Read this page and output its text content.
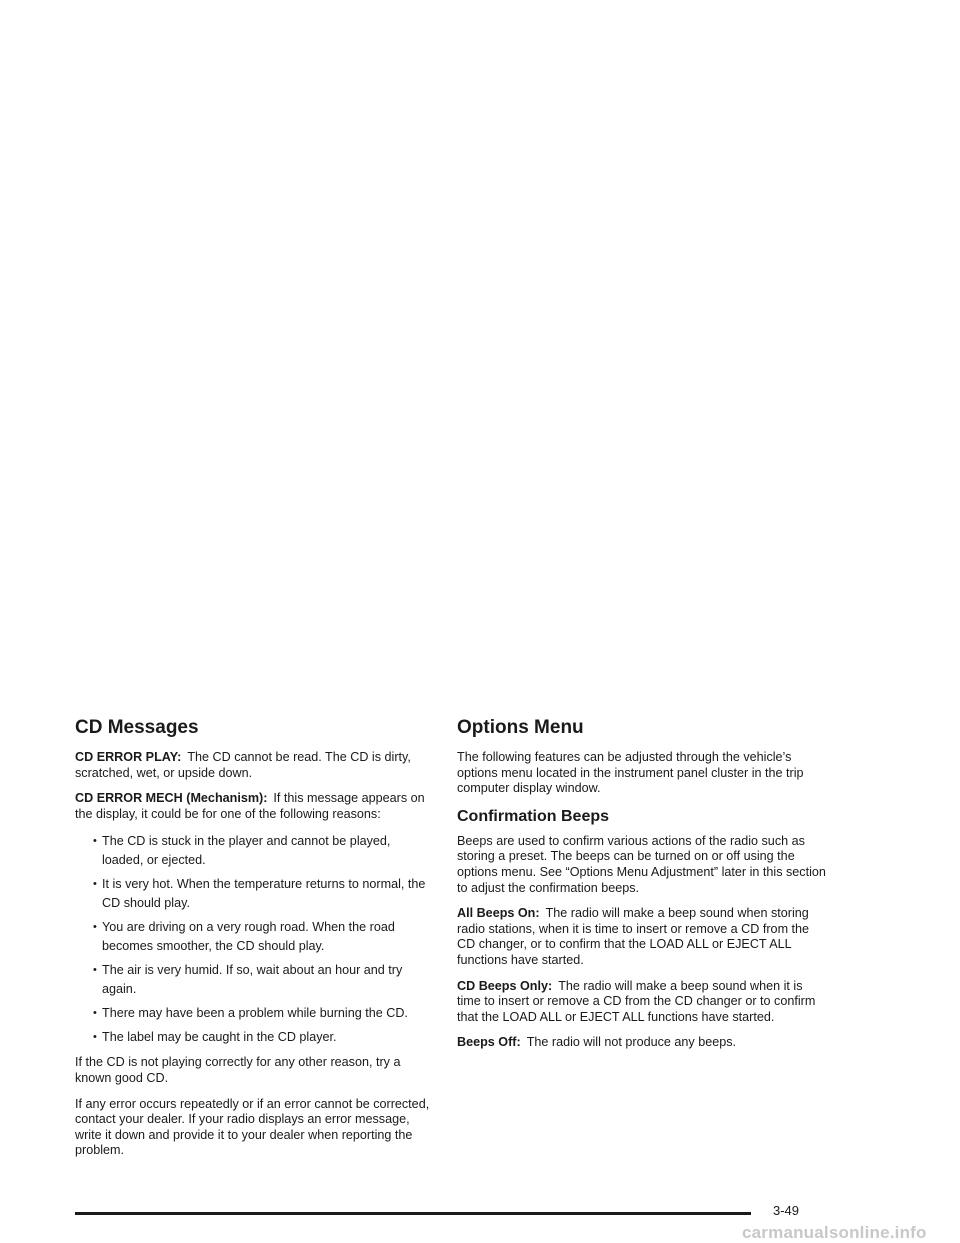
CD Messages

CD ERROR PLAY: The CD cannot be read. The CD is dirty, scratched, wet, or upside down.

CD ERROR MECH (Mechanism): If this message appears on the display, it could be for one of the following reasons:

• The CD is stuck in the player and cannot be played, loaded, or ejected.
• It is very hot. When the temperature returns to normal, the CD should play.
• You are driving on a very rough road. When the road becomes smoother, the CD should play.
• The air is very humid. If so, wait about an hour and try again.
• There may have been a problem while burning the CD.
• The label may be caught in the CD player.

If the CD is not playing correctly for any other reason, try a known good CD.

If any error occurs repeatedly or if an error cannot be corrected, contact your dealer. If your radio displays an error message, write it down and provide it to your dealer when reporting the problem.

Options Menu

The following features can be adjusted through the vehicle’s options menu located in the instrument panel cluster in the trip computer display window.

Confirmation Beeps

Beeps are used to confirm various actions of the radio such as storing a preset. The beeps can be turned on or off using the options menu. See “Options Menu Adjustment” later in this section to adjust the confirmation beeps.

All Beeps On: The radio will make a beep sound when storing radio stations, when it is time to insert or remove a CD from the CD changer, or to confirm that the LOAD ALL or EJECT ALL functions have started.

CD Beeps Only: The radio will make a beep sound when it is time to insert or remove a CD from the CD changer or to confirm that the LOAD ALL or EJECT ALL functions have started.

Beeps Off: The radio will not produce any beeps.

3-49
carmanualsonline.info
